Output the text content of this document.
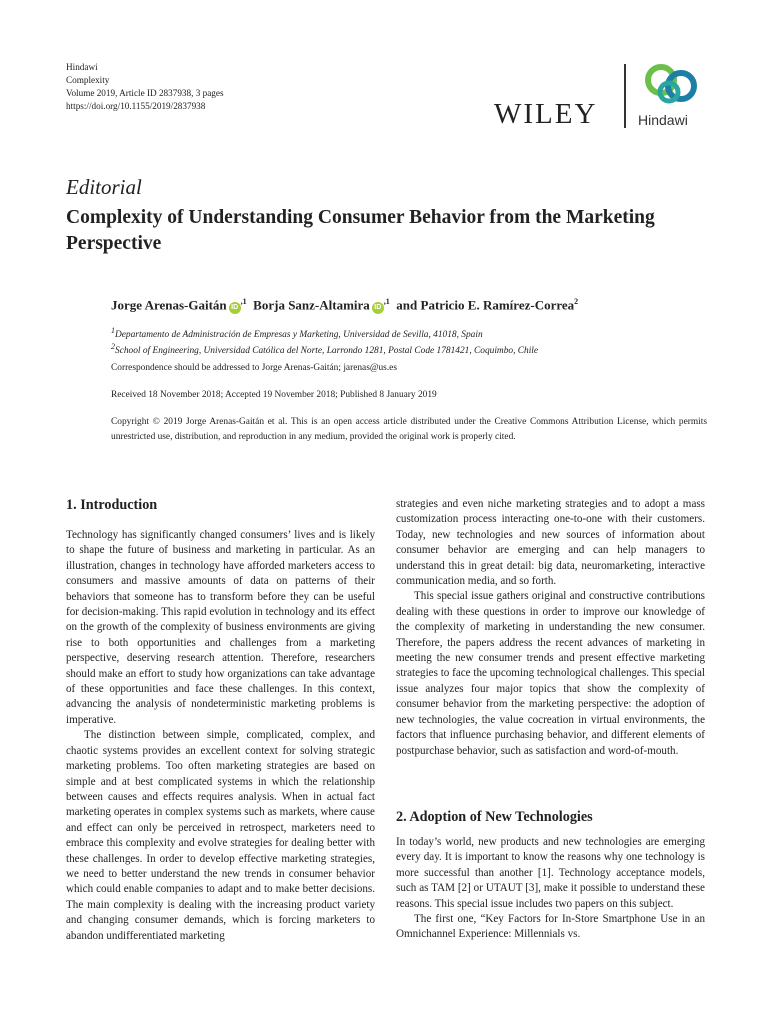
Hindawi
Complexity
Volume 2019, Article ID 2837938, 3 pages
https://doi.org/10.1155/2019/2837938	WILEY	Hindawi
Editorial
Complexity of Understanding Consumer Behavior from the Marketing Perspective
Jorge Arenas-Gaitán $ID^{,1}$ Borja Sanz-Altamira $ID^{,1}$ and Patricio E. Ramírez-Correa$^2$
$^1$Departamento de Administración de Empresas y Marketing, Universidad de Sevilla, 41018, Spain
$^2$School of Engineering, Universidad Católica del Norte, Larrondo 1281, Postal Code 1781421, Coquimbo, Chile
Correspondence should be addressed to Jorge Arenas-Gaitán; jarenas@us.es
Received 18 November 2018; Accepted 19 November 2018; Published 8 January 2019
Copyright © 2019 Jorge Arenas-Gaitán et al. This is an open access article distributed under the Creative Commons Attribution License, which permits unrestricted use, distribution, and reproduction in any medium, provided the original work is properly cited.
1. Introduction

Technology has significantly changed consumers’ lives and is likely to shape the future of business and marketing in particular. As an illustration, changes in technology have afforded marketers access to consumers and massive amounts of data on patterns of their behaviors that someone has to transform before they can be useful for decision-making. This rapid evolution in technology and its effect on the growth of the complexity of business environments are giving rise to both opportunities and challenges from a marketing perspective, deserving research attention. Therefore, researchers should make an effort to study how organizations can take advantage of these opportunities and face these challenges. In this context, advancing the analysis of nondeterministic marketing problems is imperative.

The distinction between simple, complicated, complex, and chaotic systems provides an excellent context for solving strategic marketing problems. Too often marketing strategies are based on simple and at best complicated systems in which the relationship between causes and effects requires analysis. When in actual fact marketing operates in complex systems such as markets, where cause and effect can only be perceived in retrospect, marketers need to embrace this complexity and evolve strategies for dealing better with these challenges. In order to develop effective marketing strategies, we need to better understand the new trends in consumer behavior which could enable companies to adapt and to make better decisions. The main complexity is dealing with the increasing product variety and changing consumer demands, which is forcing marketers to abandon undifferentiated marketing

strategies and even niche marketing strategies and to adopt a mass customization process interacting one-to-one with their customers. Today, new technologies and new sources of information about consumer behavior are emerging and can help managers to understand this in great detail: big data, neuromarketing, interactive communication media, and so forth.

This special issue gathers original and constructive contributions dealing with these questions in order to improve our knowledge of the complexity of marketing in understanding the new consumer. Therefore, the papers address the recent advances of marketing in meeting the new consumer trends and present effective marketing strategies to face the upcoming technological challenges. This special issue analyzes four major topics that show the complexity of consumer behavior from the marketing perspective: the adoption of new technologies, the value cocreation in virtual environments, the factors that influence purchasing behavior, and different elements of postpurchase behavior, such as satisfaction and word-of-mouth.

2. Adoption of New Technologies

In today’s world, new products and new technologies are emerging every day. It is important to know the reasons why one technology is more successful than another [1]. Technology acceptance models, such as TAM [2] or UTAUT [3], make it possible to understand these reasons. This special issue includes two papers on this subject.

The first one, “Key Factors for In-Store Smartphone Use in an Omnichannel Experience: Millennials vs.
